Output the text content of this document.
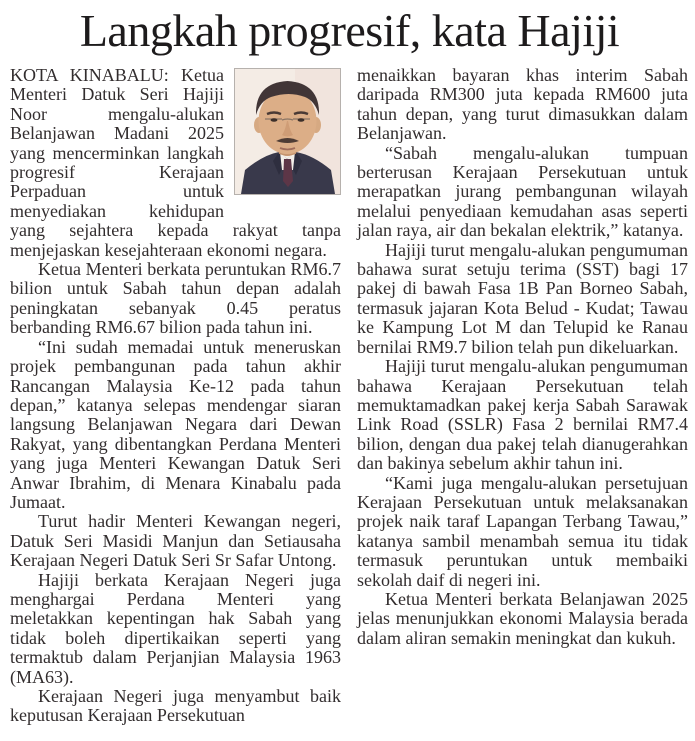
Langkah progresif, kata Hajiji

KOTA KINABALU: Ketua Menteri Datuk Seri Hajiji Noor mengalu-alukan Belanjawan Madani 2025 yang mencerminkan langkah progresif Kerajaan Perpaduan untuk menyediakan kehidupan yang sejahtera kepada rakyat tanpa menjejaskan kesejahteraan ekonomi negara.

Ketua Menteri berkata peruntukan RM6.7 bilion untuk Sabah tahun depan adalah peningkatan sebanyak 0.45 peratus berbanding RM6.67 bilion pada tahun ini.

“Ini sudah memadai untuk meneruskan projek pembangunan pada tahun akhir Rancangan Malaysia Ke-12 pada tahun depan,” katanya selepas mendengar siaran langsung Belanjawan Negara dari Dewan Rakyat, yang dibentangkan Perdana Menteri yang juga Menteri Kewangan Datuk Seri Anwar Ibrahim, di Menara Kinabalu pada Jumaat.

Turut hadir Menteri Kewangan negeri, Datuk Seri Masidi Manjun dan Setiausaha Kerajaan Negeri Datuk Seri Sr Safar Untong.

Hajiji berkata Kerajaan Negeri juga menghargai Perdana Menteri yang meletakkan kepentingan hak Sabah yang tidak boleh dipertikaikan seperti yang termaktub dalam Perjanjian Malaysia 1963 (MA63).

Kerajaan Negeri juga menyambut baik keputusan Kerajaan Persekutuan

menaikkan bayaran khas interim Sabah daripada RM300 juta kepada RM600 juta tahun depan, yang turut dimasukkan dalam Belanjawan.

“Sabah mengalu-alukan tumpuan berterusan Kerajaan Persekutuan untuk merapatkan jurang pembangunan wilayah melalui penyediaan kemudahan asas seperti jalan raya, air dan bekalan elektrik,” katanya.

Hajiji turut mengalu-alukan pengumuman bahawa surat setuju terima (SST) bagi 17 pakej di bawah Fasa 1B Pan Borneo Sabah, termasuk jajaran Kota Belud - Kudat; Tawau ke Kampung Lot M dan Telupid ke Ranau bernilai RM9.7 bilion telah pun dikeluarkan.

Hajiji turut mengalu-alukan pengumuman bahawa Kerajaan Persekutuan telah memuktamadkan pakej kerja Sabah Sarawak Link Road (SSLR) Fasa 2 bernilai RM7.4 bilion, dengan dua pakej telah dianugerahkan dan bakinya sebelum akhir tahun ini.

“Kami juga mengalu-alukan persetujuan Kerajaan Persekutuan untuk melaksanakan projek naik taraf Lapangan Terbang Tawau,” katanya sambil menambah semua itu tidak termasuk peruntukan untuk membaiki sekolah daif di negeri ini.

Ketua Menteri berkata Belanjawan 2025 jelas menunjukkan ekonomi Malaysia berada dalam aliran semakin meningkat dan kukuh.
